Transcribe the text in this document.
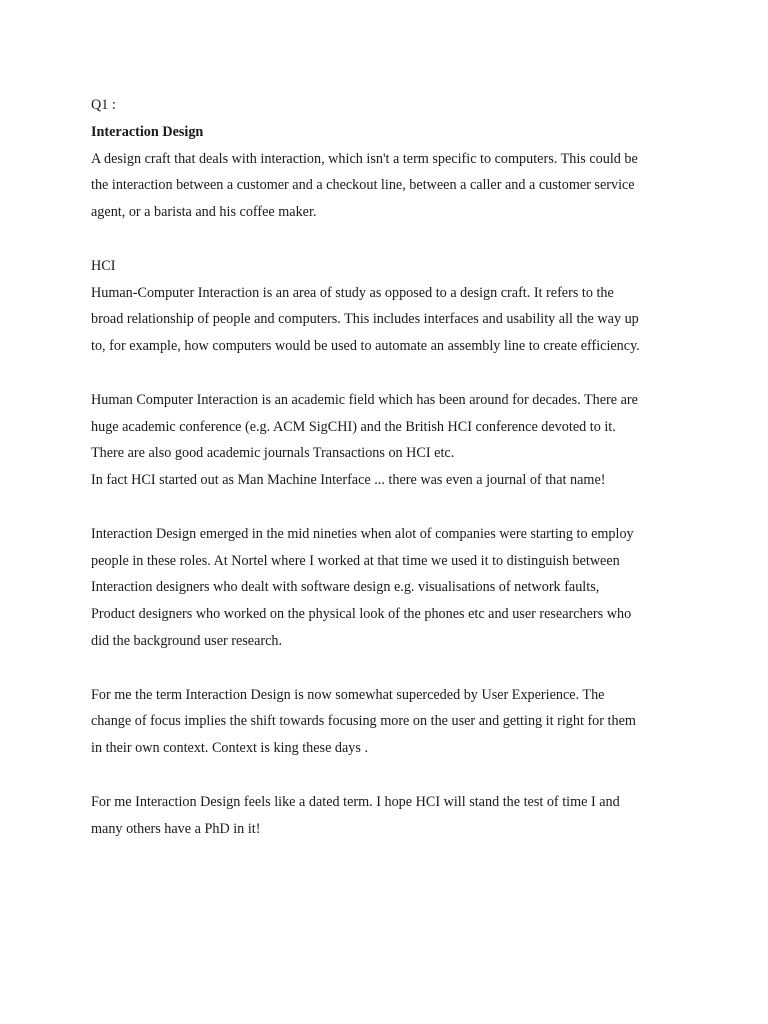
Q1 :
Interaction Design
A design craft that deals with interaction, which isn't a term specific to computers. This could be
the interaction between a customer and a checkout line, between a caller and a customer service
agent, or a barista and his coffee maker.
HCI
Human-Computer Interaction is an area of study as opposed to a design craft. It refers to the
broad relationship of people and computers. This includes interfaces and usability all the way up
to, for example, how computers would be used to automate an assembly line to create efficiency.
Human Computer Interaction is an academic field which has been around for decades. There are
huge academic conference (e.g. ACM SigCHI) and the British HCI conference devoted to it.
There are also good academic journals Transactions on HCI etc.
In fact HCI started out as Man Machine Interface ... there was even a journal of that name!
Interaction Design emerged in the mid nineties when alot of companies were starting to employ
people in these roles. At Nortel where I worked at that time we used it to distinguish between
Interaction designers who dealt with software design e.g. visualisations of network faults,
Product designers who worked on the physical look of the phones etc and user researchers who
did the background user research.
For me the term Interaction Design is now somewhat superceded by User Experience. The
change of focus implies the shift towards focusing more on the user and getting it right for them
in their own context. Context is king these days .
For me Interaction Design feels like a dated term. I hope HCI will stand the test of time I and
many others have a PhD in it!
